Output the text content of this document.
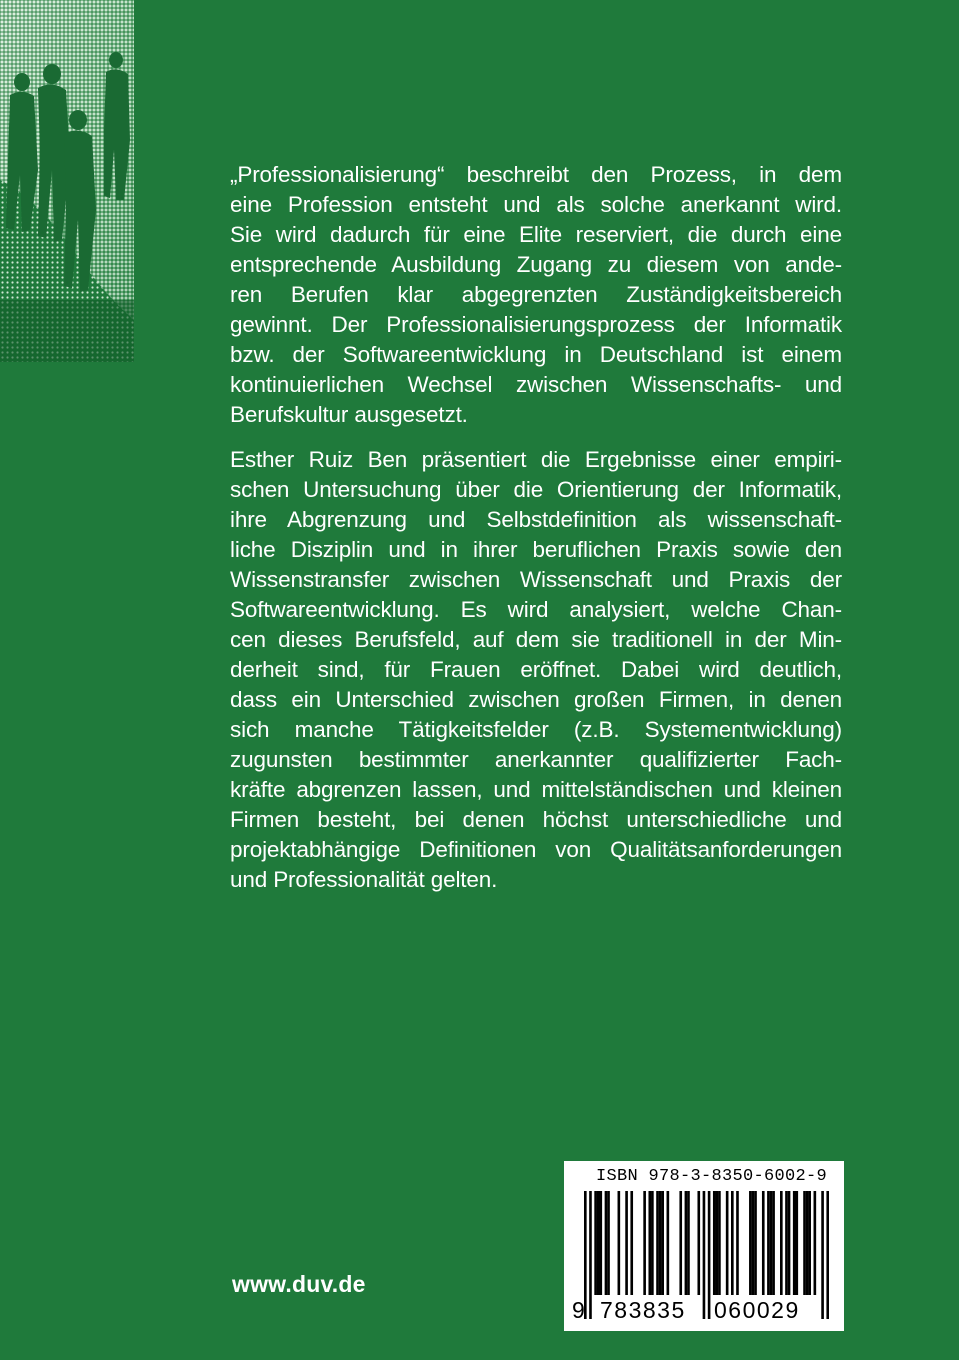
„Professionalisierung“ beschreibt den Prozess, in dem
eine Profession entsteht und als solche anerkannt wird.
Sie wird dadurch für eine Elite reserviert, die durch eine
entsprechende Ausbildung Zugang zu diesem von ande-
ren Berufen klar abgegrenzten Zuständigkeitsbereich
gewinnt. Der Professionalisierungsprozess der Informatik
bzw. der Softwareentwicklung in Deutschland ist einem
kontinuierlichen Wechsel zwischen Wissenschafts- und
Berufskultur ausgesetzt.

Esther Ruiz Ben präsentiert die Ergebnisse einer empiri-
schen Untersuchung über die Orientierung der Informatik,
ihre Abgrenzung und Selbstdefinition als wissenschaft-
liche Disziplin und in ihrer beruflichen Praxis sowie den
Wissenstransfer zwischen Wissenschaft und Praxis der
Softwareentwicklung. Es wird analysiert, welche Chan-
cen dieses Berufsfeld, auf dem sie traditionell in der Min-
derheit sind, für Frauen eröffnet. Dabei wird deutlich,
dass ein Unterschied zwischen großen Firmen, in denen
sich manche Tätigkeitsfelder (z.B. Systementwicklung)
zugunsten bestimmter anerkannter qualifizierter Fach-
kräfte abgrenzen lassen, und mittelständischen und kleinen
Firmen besteht, bei denen höchst unterschiedliche und
projektabhängige Definitionen von Qualitätsanforderungen
und Professionalität gelten.

www.duv.de
ISBN 978-3-8350-6002-9
9 783835 060029
